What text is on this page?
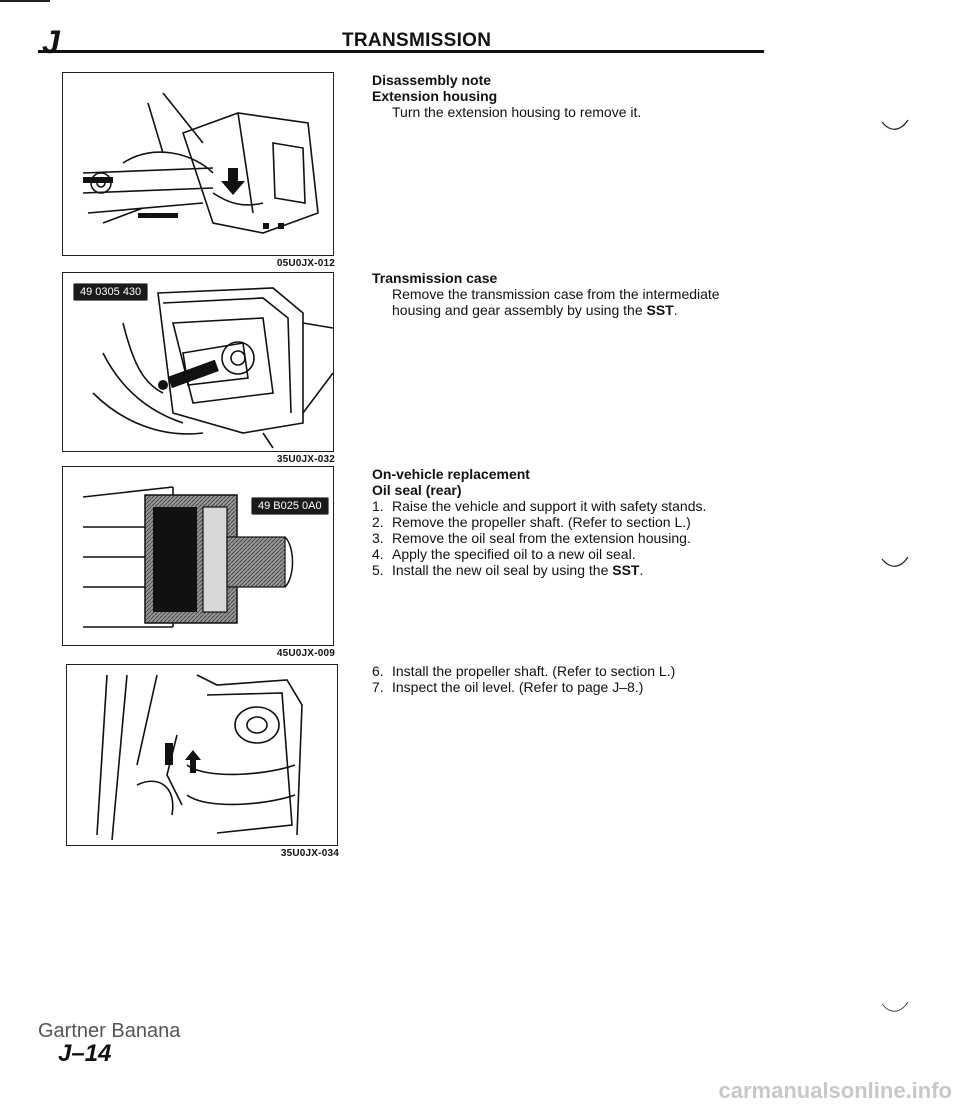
J	TRANSMISSION
05U0JX-012
49 0305 430
35U0JX-032
49 B025 0A0
45U0JX-009
35U0JX-034
Disassembly note
Extension housing
Turn the extension housing to remove it.
Transmission case
Remove the transmission case from the intermediate
housing and gear assembly by using the SST.
On-vehicle replacement
Oil seal (rear)
1. Raise the vehicle and support it with safety stands.
2. Remove the propeller shaft. (Refer to section L.)
3. Remove the oil seal from the extension housing.
4. Apply the specified oil to a new oil seal.
5. Install the new oil seal by using the SST.
6. Install the propeller shaft. (Refer to section L.)
7. Inspect the oil level. (Refer to page J–8.)
Gartner Banana
J–14
carmanualsonline.info
